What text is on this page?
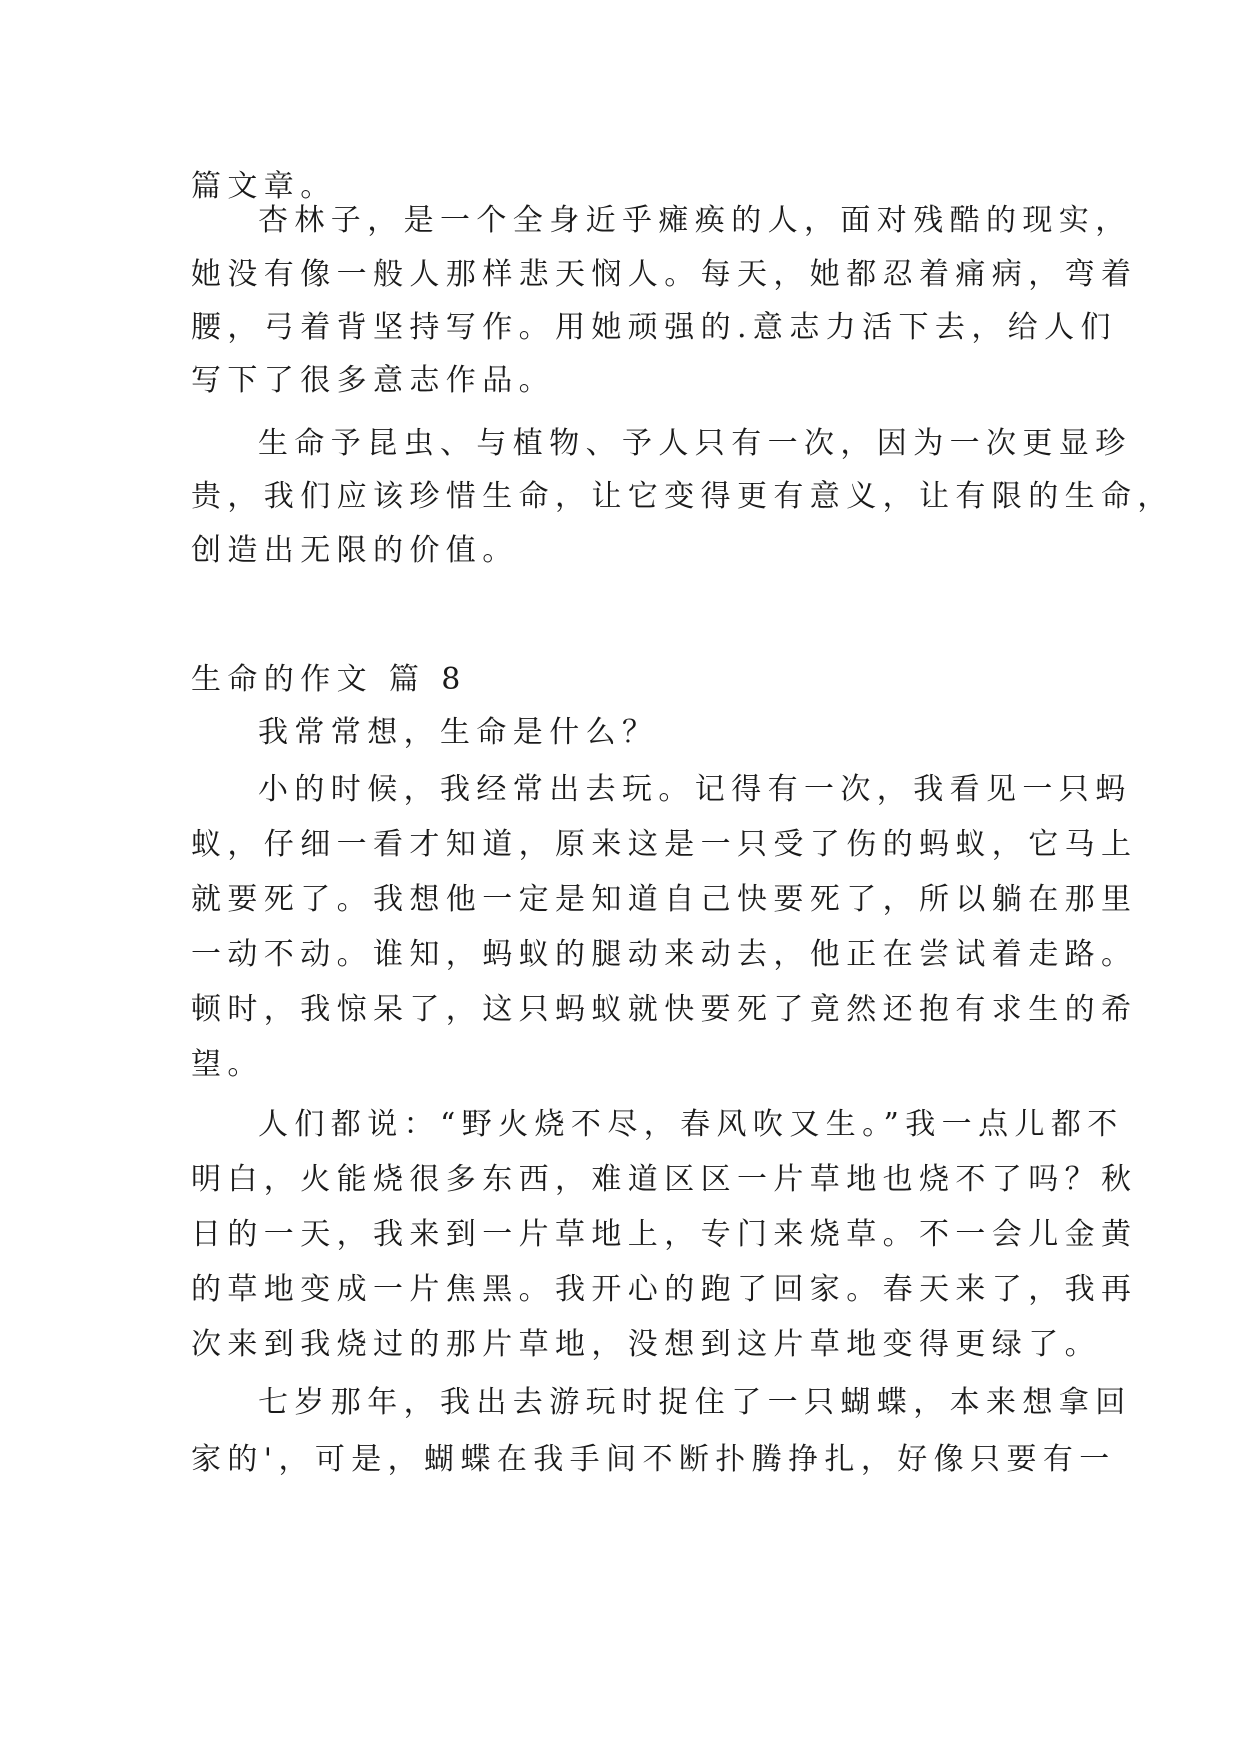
篇文章。
杏林子，是一个全身近乎瘫痪的人，面对残酷的现实，
她没有像一般人那样悲天悯人。每天，她都忍着痛病，弯着
腰，弓着背坚持写作。用她顽强的.意志力活下去，给人们
写下了很多意志作品。
生命予昆虫、与植物、予人只有一次，因为一次更显珍
贵，我们应该珍惜生命，让它变得更有意义，让有限的生命，
创造出无限的价值。
生命的作文 篇 8
我常常想，生命是什么？
小的时候，我经常出去玩。记得有一次，我看见一只蚂
蚁，仔细一看才知道，原来这是一只受了伤的蚂蚁，它马上
就要死了。我想他一定是知道自己快要死了，所以躺在那里
一动不动。谁知，蚂蚁的腿动来动去，他正在尝试着走路。
顿时，我惊呆了，这只蚂蚁就快要死了竟然还抱有求生的希
望。
人们都说：“野火烧不尽，春风吹又生。”我一点儿都不
明白，火能烧很多东西，难道区区一片草地也烧不了吗？秋
日的一天，我来到一片草地上，专门来烧草。不一会儿金黄
的草地变成一片焦黑。我开心的跑了回家。春天来了，我再
次来到我烧过的那片草地，没想到这片草地变得更绿了。
七岁那年，我出去游玩时捉住了一只蝴蝶，本来想拿回
家的'，可是，蝴蝶在我手间不断扑腾挣扎，好像只要有一
